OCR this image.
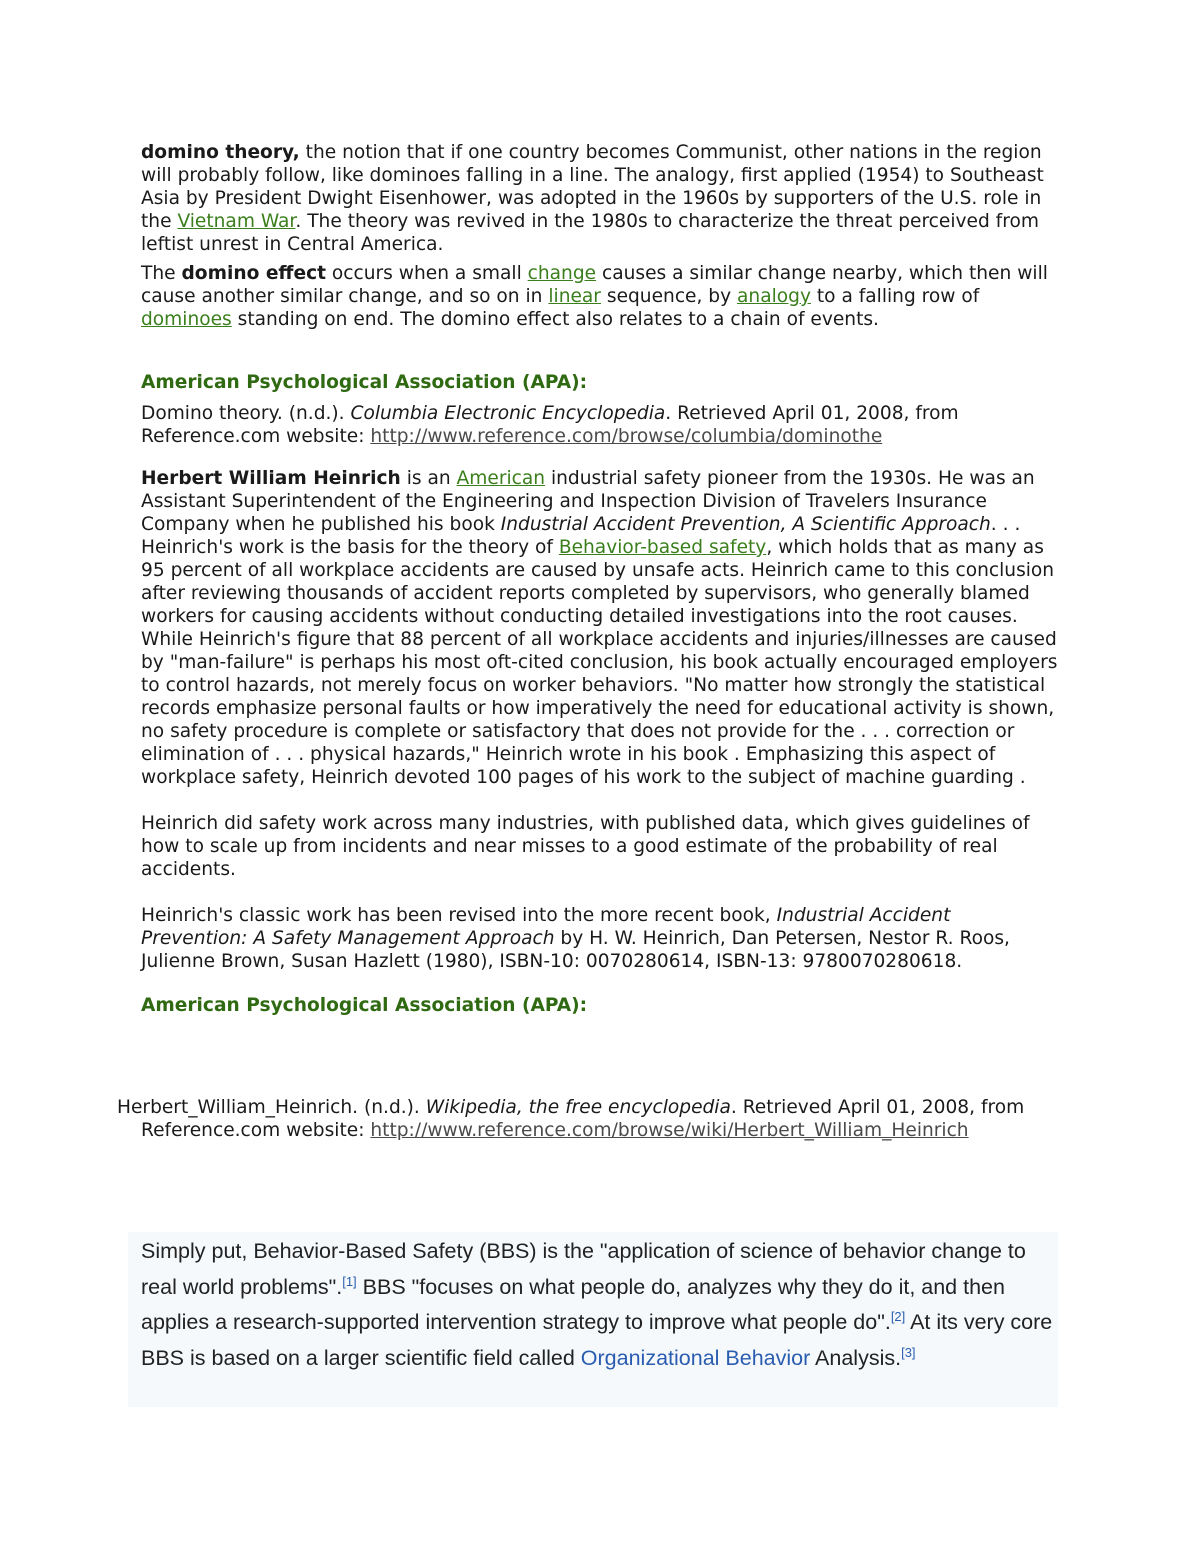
domino theory, the notion that if one country becomes Communist, other nations in the region will probably follow, like dominoes falling in a line. The analogy, first applied (1954) to Southeast Asia by President Dwight Eisenhower, was adopted in the 1960s by supporters of the U.S. role in the Vietnam War. The theory was revived in the 1980s to characterize the threat perceived from leftist unrest in Central America.

The domino effect occurs when a small change causes a similar change nearby, which then will cause another similar change, and so on in linear sequence, by analogy to a falling row of dominoes standing on end. The domino effect also relates to a chain of events.

American Psychological Association (APA):

Domino theory. (n.d.). Columbia Electronic Encyclopedia. Retrieved April 01, 2008, from Reference.com website: http://www.reference.com/browse/columbia/dominothe

Herbert William Heinrich is an American industrial safety pioneer from the 1930s. He was an Assistant Superintendent of the Engineering and Inspection Division of Travelers Insurance Company when he published his book Industrial Accident Prevention, A Scientific Approach. . . Heinrich's work is the basis for the theory of Behavior-based safety, which holds that as many as 95 percent of all workplace accidents are caused by unsafe acts. Heinrich came to this conclusion after reviewing thousands of accident reports completed by supervisors, who generally blamed workers for causing accidents without conducting detailed investigations into the root causes.

While Heinrich's figure that 88 percent of all workplace accidents and injuries/illnesses are caused by "man-failure" is perhaps his most oft-cited conclusion, his book actually encouraged employers to control hazards, not merely focus on worker behaviors. "No matter how strongly the statistical records emphasize personal faults or how imperatively the need for educational activity is shown, no safety procedure is complete or satisfactory that does not provide for the . . . correction or elimination of . . . physical hazards," Heinrich wrote in his book . Emphasizing this aspect of workplace safety, Heinrich devoted 100 pages of his work to the subject of machine guarding .

Heinrich did safety work across many industries, with published data, which gives guidelines of how to scale up from incidents and near misses to a good estimate of the probability of real accidents.

Heinrich's classic work has been revised into the more recent book, Industrial Accident Prevention: A Safety Management Approach by H. W. Heinrich, Dan Petersen, Nestor R. Roos, Julienne Brown, Susan Hazlett (1980), ISBN-10: 0070280614, ISBN-13: 9780070280618.

American Psychological Association (APA):

Herbert_William_Heinrich. (n.d.). Wikipedia, the free encyclopedia. Retrieved April 01, 2008, from Reference.com website: http://www.reference.com/browse/wiki/Herbert_William_Heinrich

Simply put, Behavior-Based Safety (BBS) is the "application of science of behavior change to real world problems".[1] BBS "focuses on what people do, analyzes why they do it, and then applies a research-supported intervention strategy to improve what people do".[2] At its very core BBS is based on a larger scientific field called Organizational Behavior Analysis.[3]
